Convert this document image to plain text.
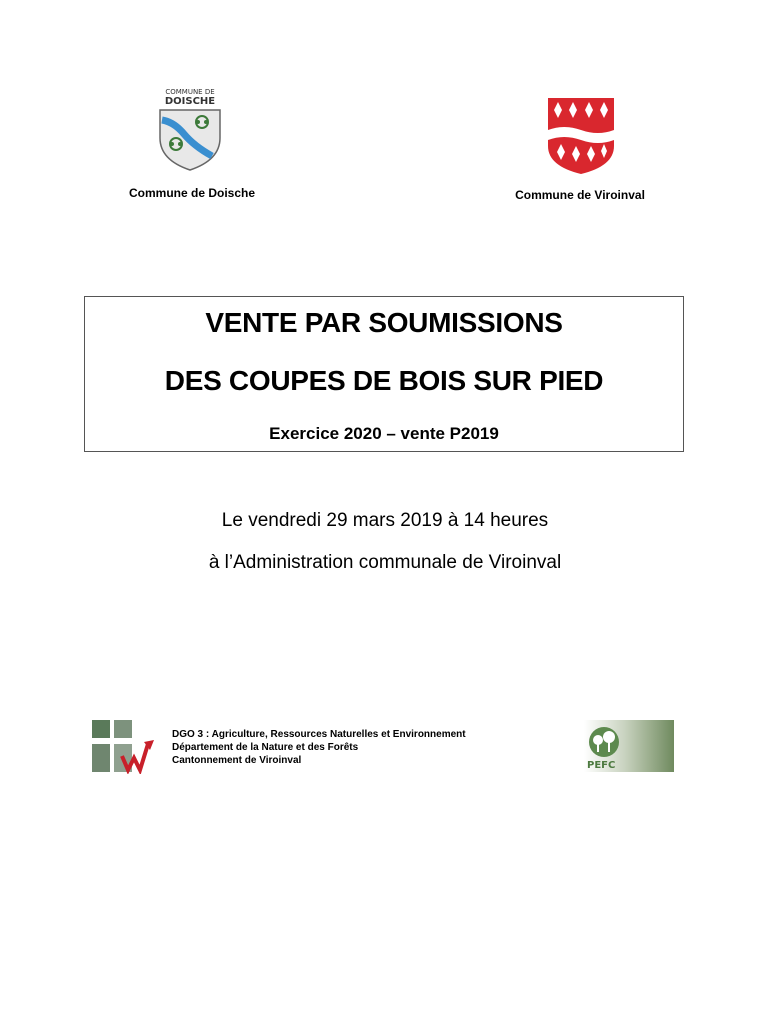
COMMUNE DE
DOISCHE
Commune de Doische	Commune de Viroinval
VENTE PAR SOUMISSIONS
DES COUPES DE BOIS SUR PIED
Exercice 2020 – vente P2019
Le vendredi 29 mars 2019 à 14 heures
à l’Administration communale de Viroinval
DGO 3 : Agriculture, Ressources Naturelles et Environnement
Département de la Nature et des Forêts
Cantonnement de Viroinval	PEFC
